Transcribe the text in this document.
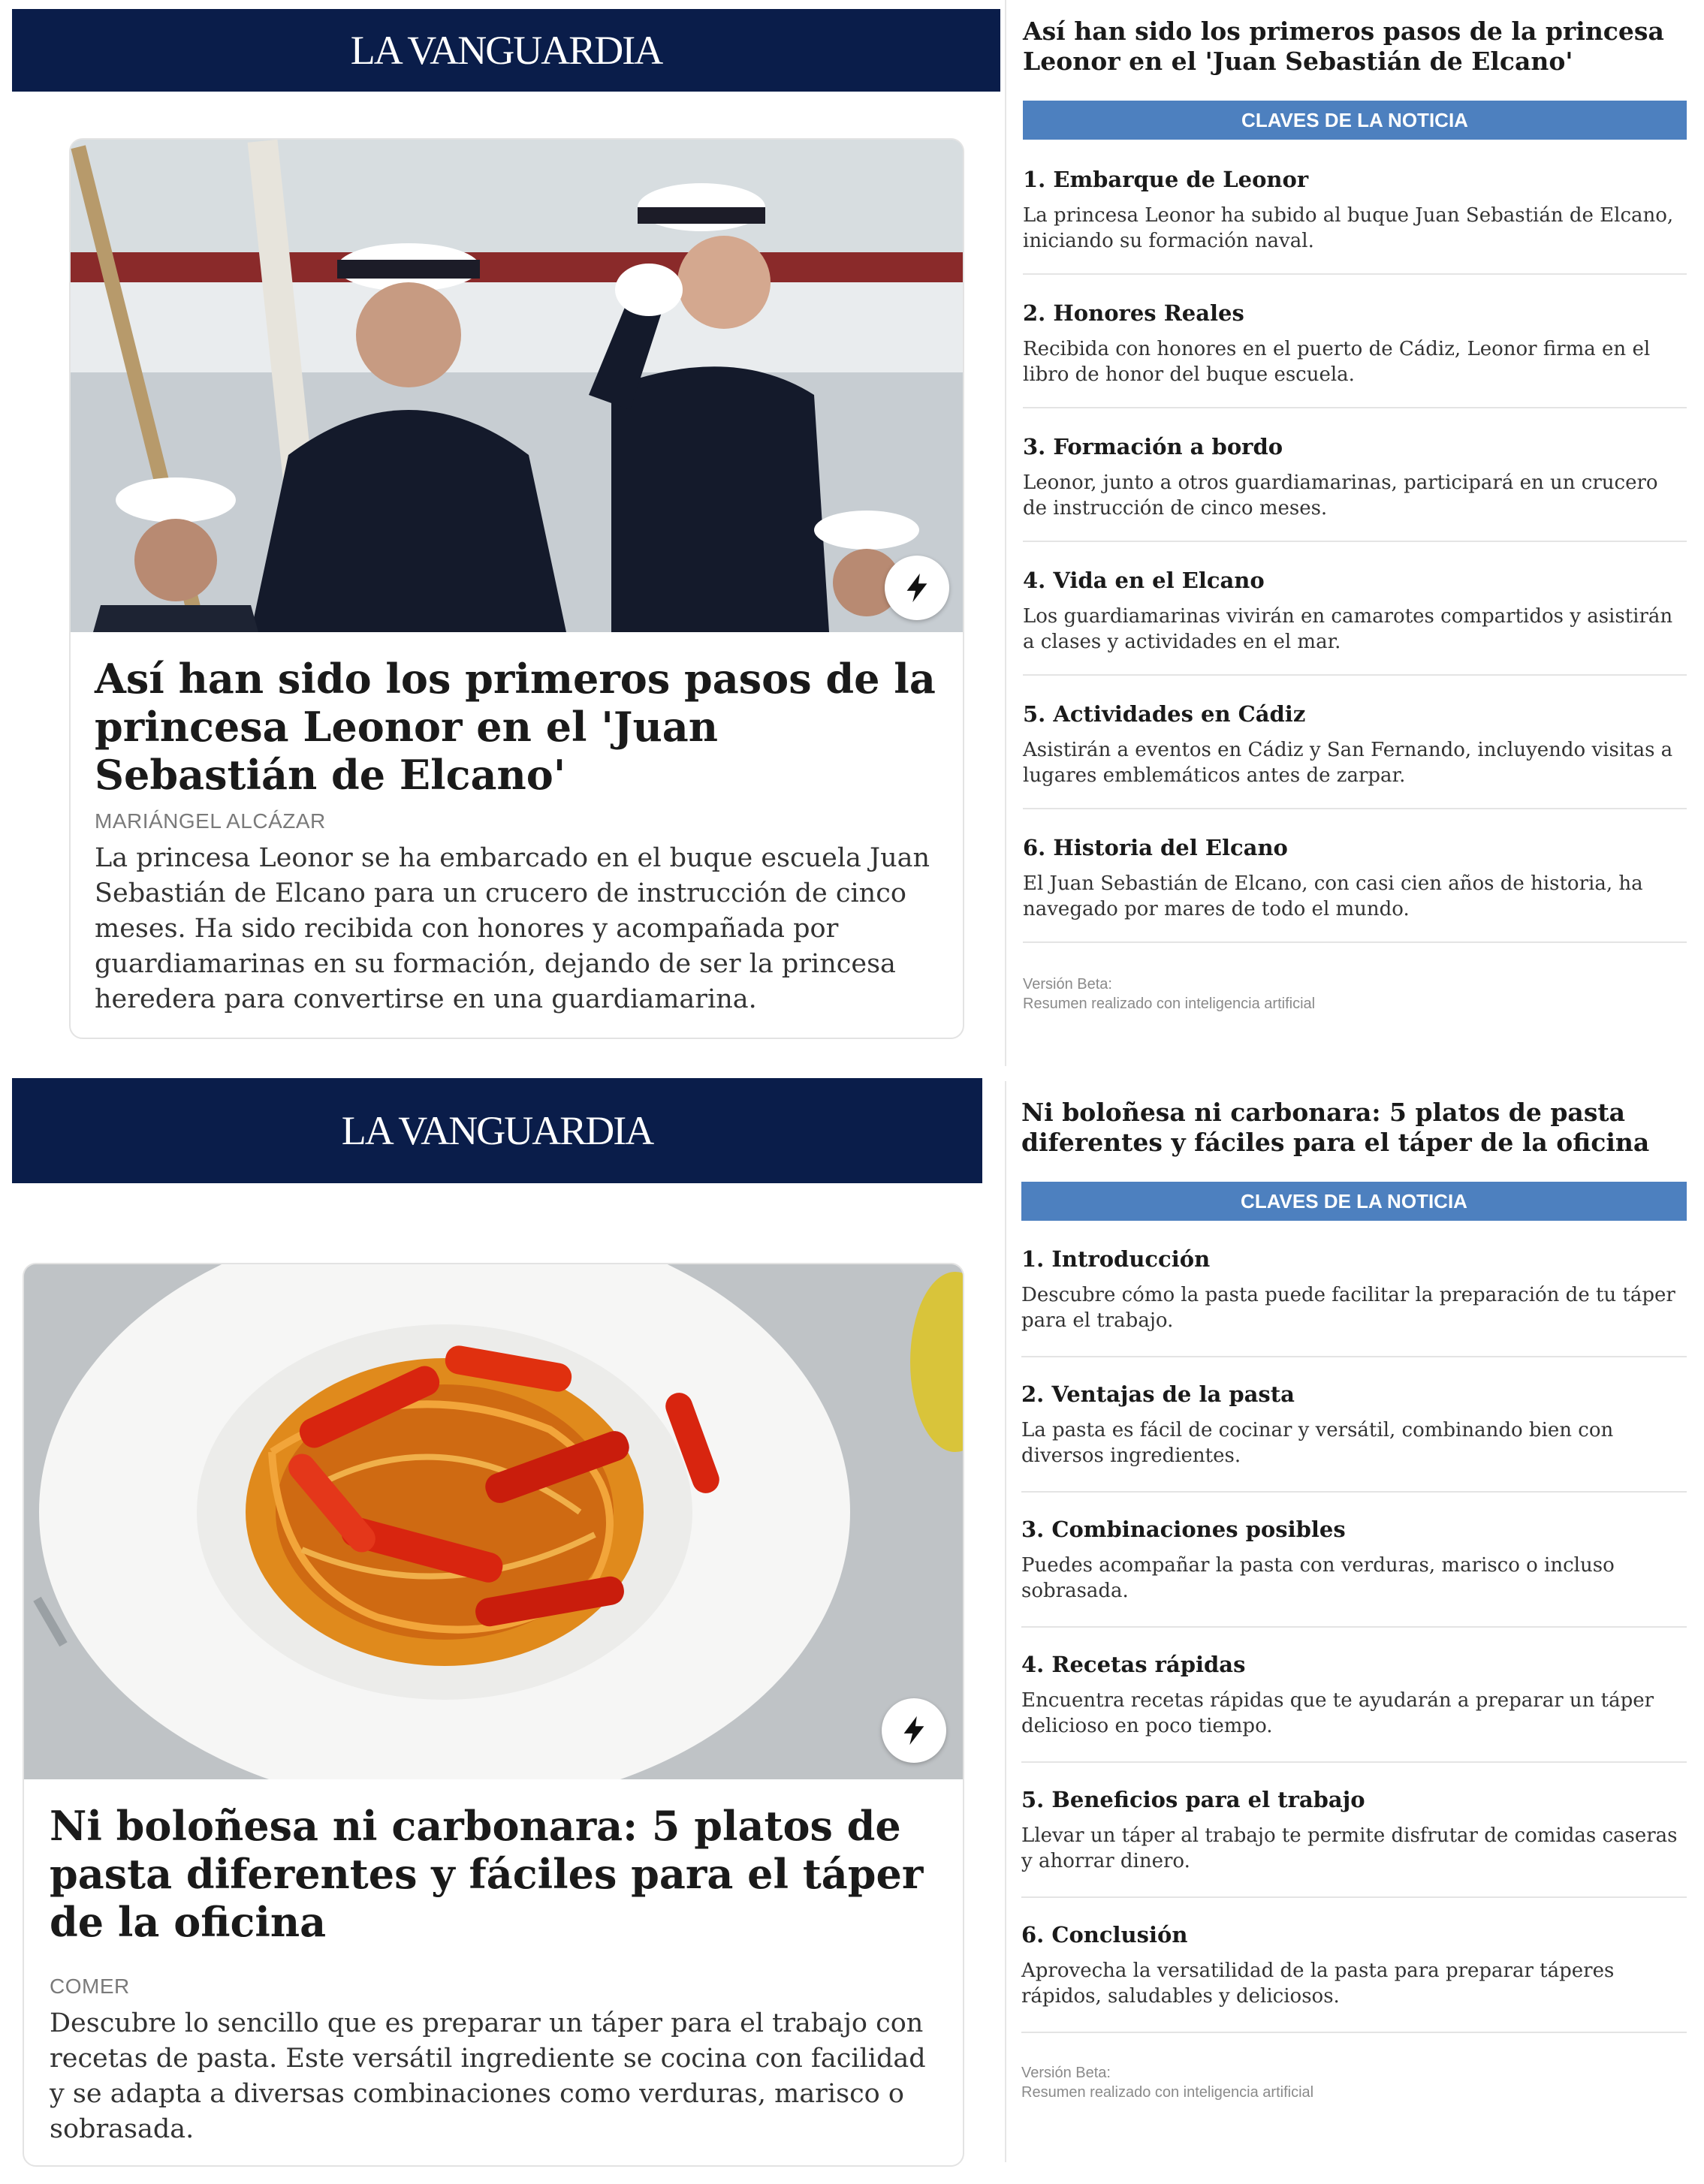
LA VANGUARDIA
Así han sido los primeros pasos de la princesa Leonor en el 'Juan Sebastián de Elcano'
MARIÁNGEL ALCÁZAR

La princesa Leonor se ha embarcado en el buque escuela Juan Sebastián de Elcano para un crucero de instrucción de cinco meses. Ha sido recibida con honores y acompañada por guardiamarinas en su formación, dejando de ser la princesa heredera para convertirse en una guardiamarina.

Así han sido los primeros pasos de la princesa Leonor en el 'Juan Sebastián de Elcano'
CLAVES DE LA NOTICIA

1. Embarque de Leonor

La princesa Leonor ha subido al buque Juan Sebastián de Elcano, iniciando su formación naval.

2. Honores Reales

Recibida con honores en el puerto de Cádiz, Leonor firma en el libro de honor del buque escuela.

3. Formación a bordo

Leonor, junto a otros guardiamarinas, participará en un crucero de instrucción de cinco meses.

4. Vida en el Elcano

Los guardiamarinas vivirán en camarotes compartidos y asistirán a clases y actividades en el mar.

5. Actividades en Cádiz

Asistirán a eventos en Cádiz y San Fernando, incluyendo visitas a lugares emblemáticos antes de zarpar.

6. Historia del Elcano

El Juan Sebastián de Elcano, con casi cien años de historia, ha navegado por mares de todo el mundo.

Versión Beta:
Resumen realizado con inteligencia artificial
LA VANGUARDIA
Ni boloñesa ni carbonara: 5 platos de pasta diferentes y fáciles para el táper de la oficina
COMER

Descubre lo sencillo que es preparar un táper para el trabajo con recetas de pasta. Este versátil ingrediente se cocina con facilidad y se adapta a diversas combinaciones como verduras, marisco o sobrasada.

Ni boloñesa ni carbonara: 5 platos de pasta diferentes y fáciles para el táper de la oficina
CLAVES DE LA NOTICIA

1. Introducción

Descubre cómo la pasta puede facilitar la preparación de tu táper para el trabajo.

2. Ventajas de la pasta

La pasta es fácil de cocinar y versátil, combinando bien con diversos ingredientes.

3. Combinaciones posibles

Puedes acompañar la pasta con verduras, marisco o incluso sobrasada.

4. Recetas rápidas

Encuentra recetas rápidas que te ayudarán a preparar un táper delicioso en poco tiempo.

5. Beneficios para el trabajo

Llevar un táper al trabajo te permite disfrutar de comidas caseras y ahorrar dinero.

6. Conclusión

Aprovecha la versatilidad de la pasta para preparar táperes rápidos, saludables y deliciosos.

Versión Beta:
Resumen realizado con inteligencia artificial
